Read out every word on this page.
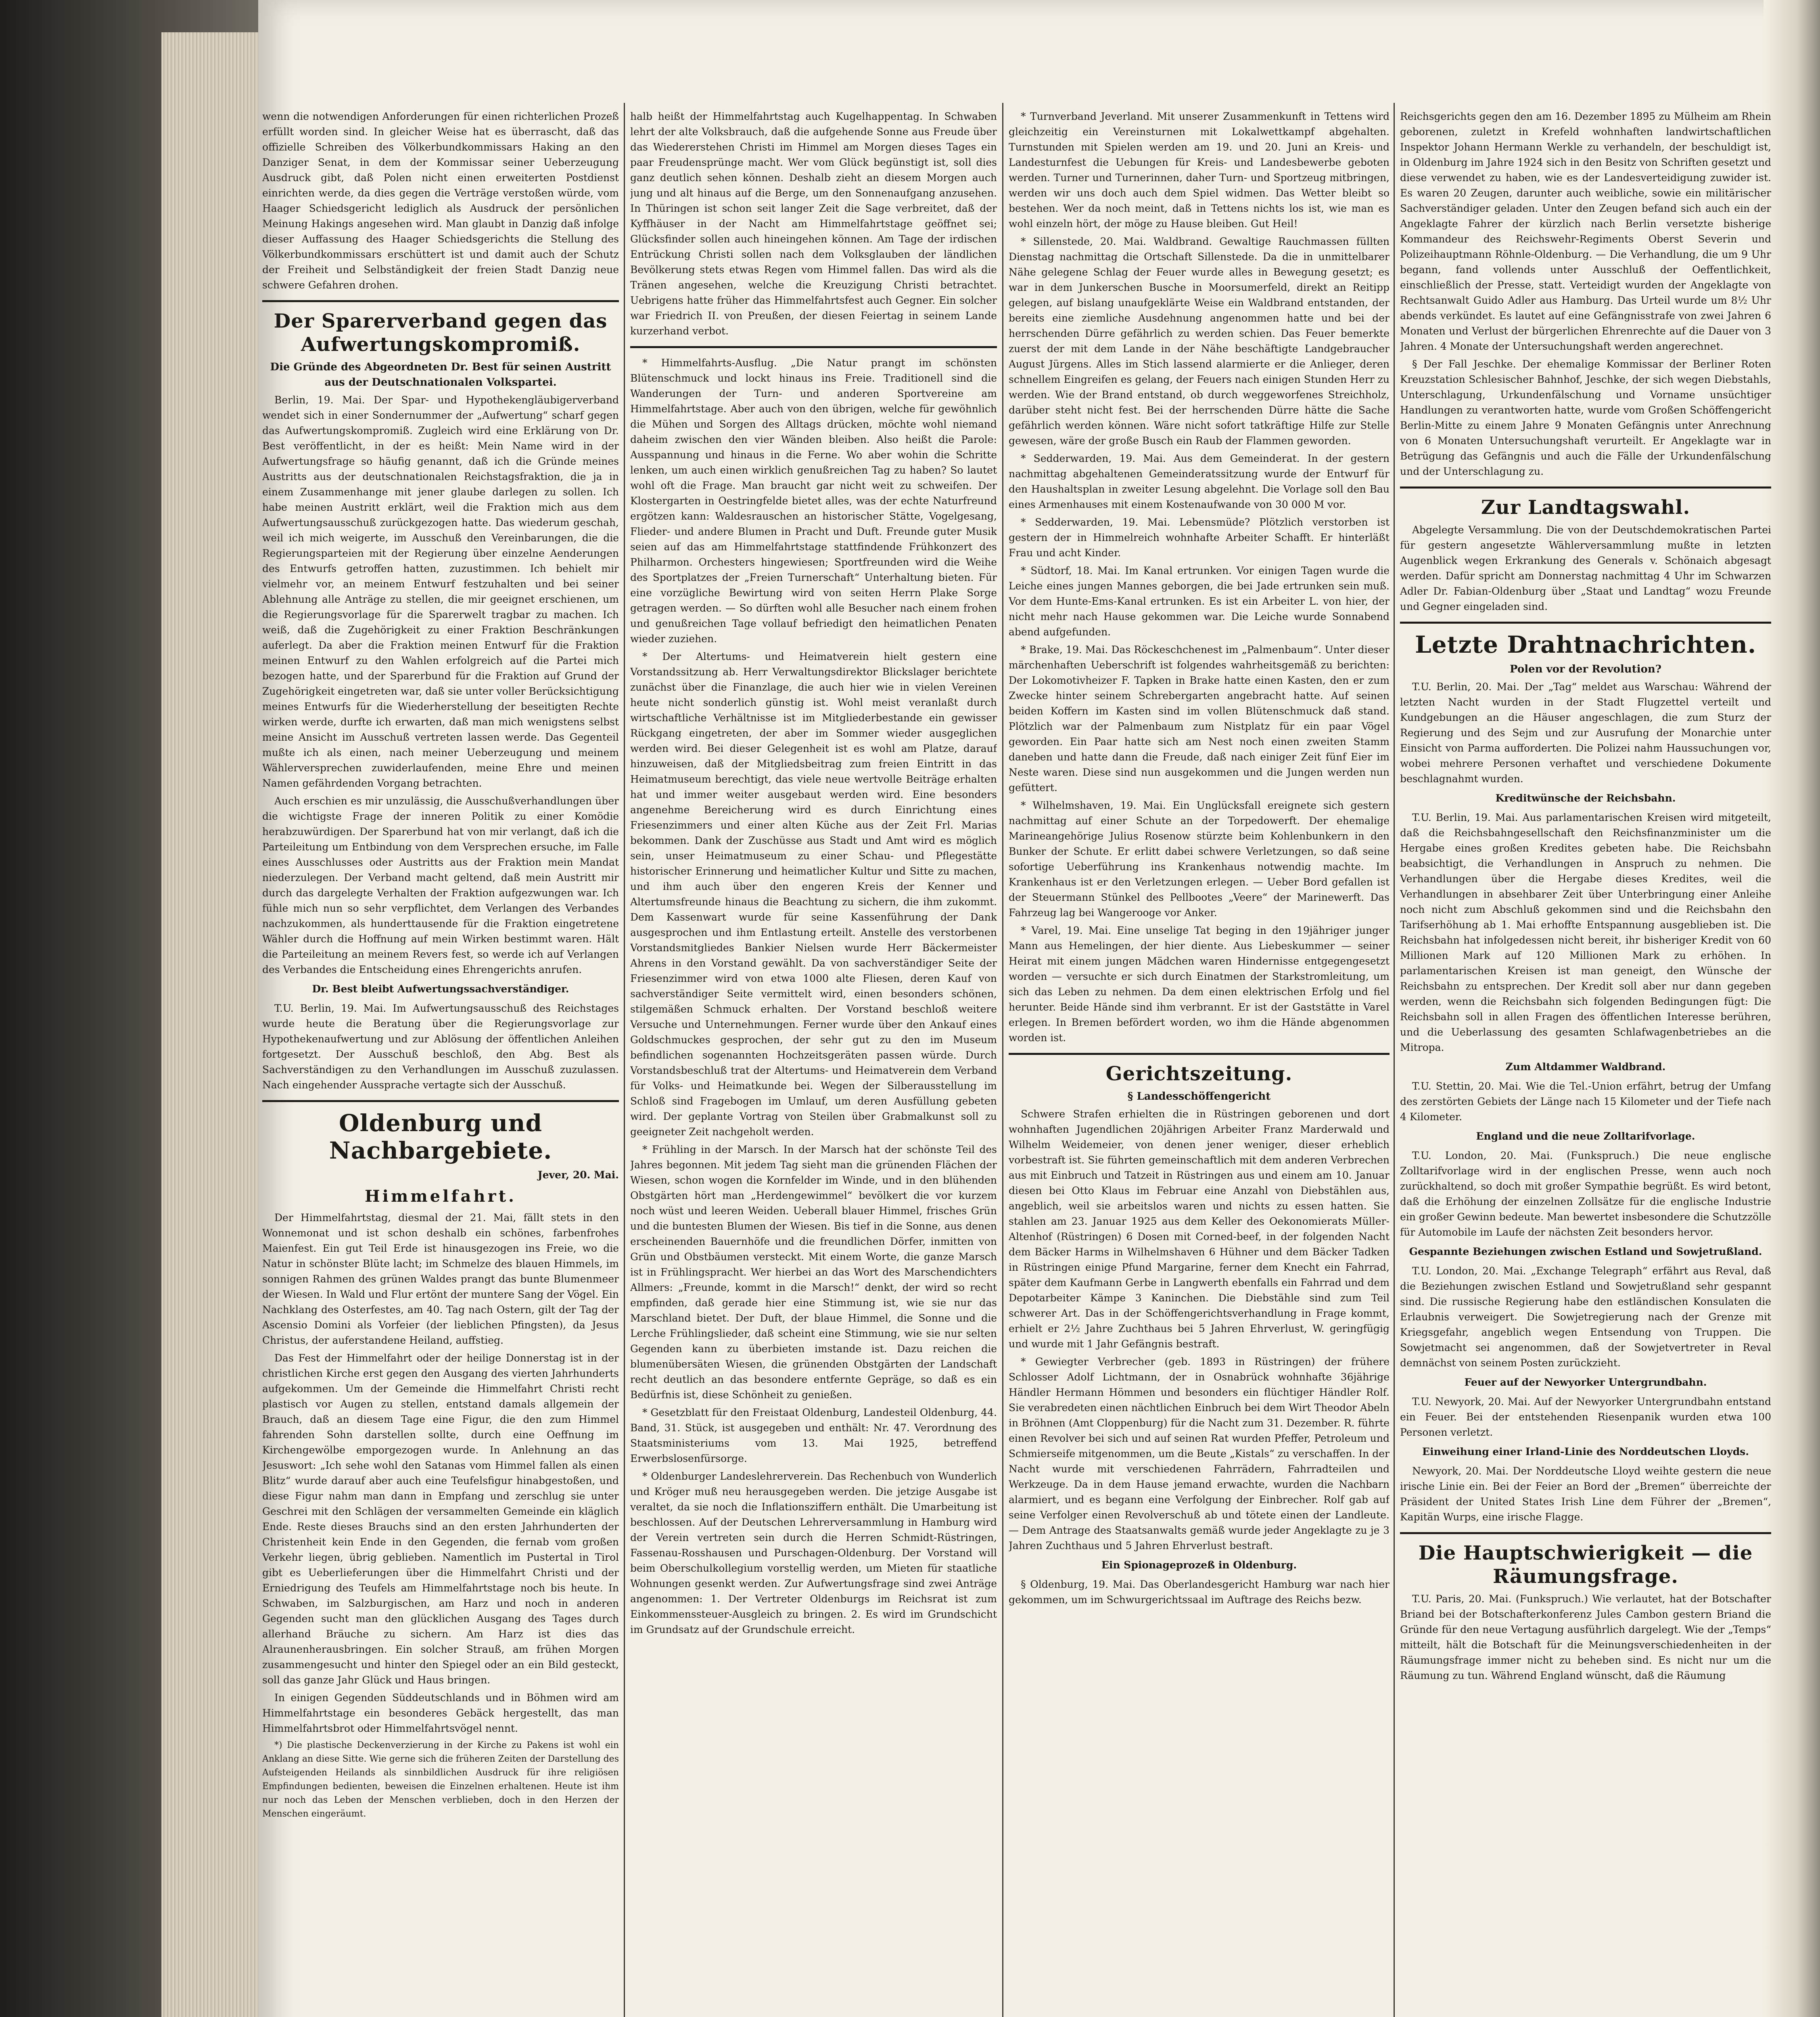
wenn die notwendigen Anforderungen für einen richterlichen Prozeß erfüllt worden sind. In gleicher Weise hat es überrascht, daß das offizielle Schreiben des Völkerbundkommissars Haking an den Danziger Senat, in dem der Kommissar seiner Ueberzeugung Ausdruck gibt, daß Polen nicht einen erweiterten Postdienst einrichten werde, da dies gegen die Verträge verstoßen würde, vom Haager Schiedsgericht lediglich als Ausdruck der persönlichen Meinung Hakings angesehen wird. Man glaubt in Danzig daß infolge dieser Auffassung des Haager Schiedsgerichts die Stellung des Völkerbundkommissars erschüttert ist und damit auch der Schutz der Freiheit und Selbständigkeit der freien Stadt Danzig neue schwere Gefahren drohen.

Der Sparerverband gegen das Aufwertungskompromiß.

Die Gründe des Abgeordneten Dr. Best für seinen Austritt aus der Deutschnationalen Volkspartei.

Berlin, 19. Mai. Der Spar- und Hypothekengläubigerverband wendet sich in einer Sondernummer der „Aufwertung“ scharf gegen das Aufwertungskompromiß. Zugleich wird eine Erklärung von Dr. Best veröffentlicht, in der es heißt: Mein Name wird in der Aufwertungsfrage so häufig genannt, daß ich die Gründe meines Austritts aus der deutschnationalen Reichstagsfraktion, die ja in einem Zusammenhange mit jener glaube darlegen zu sollen. Ich habe meinen Austritt erklärt, weil die Fraktion mich aus dem Aufwertungsausschuß zurückgezogen hatte. Das wiederum geschah, weil ich mich weigerte, im Ausschuß den Vereinbarungen, die die Regierungsparteien mit der Regierung über einzelne Aenderungen des Entwurfs getroffen hatten, zuzustimmen. Ich behielt mir vielmehr vor, an meinem Entwurf festzuhalten und bei seiner Ablehnung alle Anträge zu stellen, die mir geeignet erschienen, um die Regierungsvorlage für die Sparerwelt tragbar zu machen. Ich weiß, daß die Zugehörigkeit zu einer Fraktion Beschränkungen auferlegt. Da aber die Fraktion meinen Entwurf für die Fraktion meinen Entwurf zu den Wahlen erfolgreich auf die Partei mich bezogen hatte, und der Sparerbund für die Fraktion auf Grund der Zugehörigkeit eingetreten war, daß sie unter voller Berücksichtigung meines Entwurfs für die Wiederherstellung der beseitigten Rechte wirken werde, durfte ich erwarten, daß man mich wenigstens selbst meine Ansicht im Ausschuß vertreten lassen werde. Das Gegenteil mußte ich als einen, nach meiner Ueberzeugung und meinem Wählerversprechen zuwiderlaufenden, meine Ehre und meinen Namen gefährdenden Vorgang betrachten.

Auch erschien es mir unzulässig, die Ausschußverhandlungen über die wichtigste Frage der inneren Politik zu einer Komödie herabzuwürdigen. Der Sparerbund hat von mir verlangt, daß ich die Parteileitung um Entbindung von dem Versprechen ersuche, im Falle eines Ausschlusses oder Austritts aus der Fraktion mein Mandat niederzulegen. Der Verband macht geltend, daß mein Austritt mir durch das dargelegte Verhalten der Fraktion aufgezwungen war. Ich fühle mich nun so sehr verpflichtet, dem Verlangen des Verbandes nachzukommen, als hunderttausende für die Fraktion eingetretene Wähler durch die Hoffnung auf mein Wirken bestimmt waren. Hält die Parteileitung an meinem Revers fest, so werde ich auf Verlangen des Verbandes die Entscheidung eines Ehrengerichts anrufen.

Dr. Best bleibt Aufwertungssachverständiger.

T.U. Berlin, 19. Mai. Im Aufwertungsausschuß des Reichstages wurde heute die Beratung über die Regierungsvorlage zur Hypothekenaufwertung und zur Ablösung der öffentlichen Anleihen fortgesetzt. Der Ausschuß beschloß, den Abg. Best als Sachverständigen zu den Verhandlungen im Ausschuß zuzulassen. Nach eingehender Aussprache vertagte sich der Ausschuß.

Oldenburg und Nachbargebiete.

Jever, 20. Mai.

Himmelfahrt.

Der Himmelfahrtstag, diesmal der 21. Mai, fällt stets in den Wonnemonat und ist schon deshalb ein schönes, farbenfrohes Maienfest. Ein gut Teil Erde ist hinausgezogen ins Freie, wo die Natur in schönster Blüte lacht; im Schmelze des blauen Himmels, im sonnigen Rahmen des grünen Waldes prangt das bunte Blumenmeer der Wiesen. In Wald und Flur ertönt der muntere Sang der Vögel. Ein Nachklang des Osterfestes, am 40. Tag nach Ostern, gilt der Tag der Ascensio Domini als Vorfeier (der lieblichen Pfingsten), da Jesus Christus, der auferstandene Heiland, auffstieg.

Das Fest der Himmelfahrt oder der heilige Donnerstag ist in der christlichen Kirche erst gegen den Ausgang des vierten Jahrhunderts aufgekommen. Um der Gemeinde die Himmelfahrt Christi recht plastisch vor Augen zu stellen, entstand damals allgemein der Brauch, daß an diesem Tage eine Figur, die den zum Himmel fahrenden Sohn darstellen sollte, durch eine Oeffnung im Kirchengewölbe emporgezogen wurde. In Anlehnung an das Jesuswort: „Ich sehe wohl den Satanas vom Himmel fallen als einen Blitz“ wurde darauf aber auch eine Teufelsfigur hinabgestoßen, und diese Figur nahm man dann in Empfang und zerschlug sie unter Geschrei mit den Schlägen der versammelten Gemeinde ein kläglich Ende. Reste dieses Brauchs sind an den ersten Jahrhunderten der Christenheit kein Ende in den Gegenden, die fernab vom großen Verkehr liegen, übrig geblieben. Namentlich im Pustertal in Tirol gibt es Ueberlieferungen über die Himmelfahrt Christi und der Erniedrigung des Teufels am Himmelfahrtstage noch bis heute. In Schwaben, im Salzburgischen, am Harz und noch in anderen Gegenden sucht man den glücklichen Ausgang des Tages durch allerhand Bräuche zu sichern. Am Harz ist dies das Alraunenherausbringen. Ein solcher Strauß, am frühen Morgen zusammengesucht und hinter den Spiegel oder an ein Bild gesteckt, soll das ganze Jahr Glück und Haus bringen.

In einigen Gegenden Süddeutschlands und in Böhmen wird am Himmelfahrtstage ein besonderes Gebäck hergestellt, das man Himmelfahrtsbrot oder Himmelfahrtsvögel nennt.

*) Die plastische Deckenverzierung in der Kirche zu Pakens ist wohl ein Anklang an diese Sitte. Wie gerne sich die früheren Zeiten der Darstellung des Aufsteigenden Heilands als sinnbildlichen Ausdruck für ihre religiösen Empfindungen bedienten, beweisen die Einzelnen erhaltenen. Heute ist ihm nur noch das Leben der Menschen verblieben, doch in den Herzen der Menschen eingeräumt.

halb heißt der Himmelfahrtstag auch Kugelhappentag. In Schwaben lehrt der alte Volksbrauch, daß die aufgehende Sonne aus Freude über das Wiedererstehen Christi im Himmel am Morgen dieses Tages ein paar Freudensprünge macht. Wer vom Glück begünstigt ist, soll dies ganz deutlich sehen können. Deshalb zieht an diesem Morgen auch jung und alt hinaus auf die Berge, um den Sonnenaufgang anzusehen. In Thüringen ist schon seit langer Zeit die Sage verbreitet, daß der Kyffhäuser in der Nacht am Himmelfahrtstage geöffnet sei; Glücksfinder sollen auch hineingehen können. Am Tage der irdischen Entrückung Christi sollen nach dem Volksglauben der ländlichen Bevölkerung stets etwas Regen vom Himmel fallen. Das wird als die Tränen angesehen, welche die Kreuzigung Christi betrachtet. Uebrigens hatte früher das Himmelfahrtsfest auch Gegner. Ein solcher war Friedrich II. von Preußen, der diesen Feiertag in seinem Lande kurzerhand verbot.

* Himmelfahrts-Ausflug. „Die Natur prangt im schönsten Blütenschmuck und lockt hinaus ins Freie. Traditionell sind die Wanderungen der Turn- und anderen Sportvereine am Himmelfahrtstage. Aber auch von den übrigen, welche für gewöhnlich die Mühen und Sorgen des Alltags drücken, möchte wohl niemand daheim zwischen den vier Wänden bleiben. Also heißt die Parole: Ausspannung und hinaus in die Ferne. Wo aber wohin die Schritte lenken, um auch einen wirklich genußreichen Tag zu haben? So lautet wohl oft die Frage. Man braucht gar nicht weit zu schweifen. Der Klostergarten in Oestringfelde bietet alles, was der echte Naturfreund ergötzen kann: Waldesrauschen an historischer Stätte, Vogelgesang, Flieder- und andere Blumen in Pracht und Duft. Freunde guter Musik seien auf das am Himmelfahrtstage stattfindende Frühkonzert des Philharmon. Orchesters hingewiesen; Sportfreunden wird die Weihe des Sportplatzes der „Freien Turnerschaft“ Unterhaltung bieten. Für eine vorzügliche Bewirtung wird von seiten Herrn Plake Sorge getragen werden. — So dürften wohl alle Besucher nach einem frohen und genußreichen Tage vollauf befriedigt den heimatlichen Penaten wieder zuziehen.

* Der Altertums- und Heimatverein hielt gestern eine Vorstandssitzung ab. Herr Verwaltungsdirektor Blickslager berichtete zunächst über die Finanzlage, die auch hier wie in vielen Vereinen heute nicht sonderlich günstig ist. Wohl meist veranlaßt durch wirtschaftliche Verhältnisse ist im Mitgliederbestande ein gewisser Rückgang eingetreten, der aber im Sommer wieder ausgeglichen werden wird. Bei dieser Gelegenheit ist es wohl am Platze, darauf hinzuweisen, daß der Mitgliedsbeitrag zum freien Eintritt in das Heimatmuseum berechtigt, das viele neue wertvolle Beiträge erhalten hat und immer weiter ausgebaut werden wird. Eine besonders angenehme Bereicherung wird es durch Einrichtung eines Friesenzimmers und einer alten Küche aus der Zeit Frl. Marias bekommen. Dank der Zuschüsse aus Stadt und Amt wird es möglich sein, unser Heimatmuseum zu einer Schau- und Pflegestätte historischer Erinnerung und heimatlicher Kultur und Sitte zu machen, und ihm auch über den engeren Kreis der Kenner und Altertumsfreunde hinaus die Beachtung zu sichern, die ihm zukommt. Dem Kassenwart wurde für seine Kassenführung der Dank ausgesprochen und ihm Entlastung erteilt. Anstelle des verstorbenen Vorstandsmitgliedes Bankier Nielsen wurde Herr Bäckermeister Ahrens in den Vorstand gewählt. Da von sachverständiger Seite der Friesenzimmer wird von etwa 1000 alte Fliesen, deren Kauf von sachverständiger Seite vermittelt wird, einen besonders schönen, stilgemäßen Schmuck erhalten. Der Vorstand beschloß weitere Versuche und Unternehmungen. Ferner wurde über den Ankauf eines Goldschmuckes gesprochen, der sehr gut zu den im Museum befindlichen sogenannten Hochzeitsgeräten passen würde. Durch Vorstandsbeschluß trat der Altertums- und Heimatverein dem Verband für Volks- und Heimatkunde bei. Wegen der Silberausstellung im Schloß sind Fragebogen im Umlauf, um deren Ausfüllung gebeten wird. Der geplante Vortrag von Steilen über Grabmalkunst soll zu geeigneter Zeit nachgeholt werden.

* Frühling in der Marsch. In der Marsch hat der schönste Teil des Jahres begonnen. Mit jedem Tag sieht man die grünenden Flächen der Wiesen, schon wogen die Kornfelder im Winde, und in den blühenden Obstgärten hört man „Herdengewimmel“ bevölkert die vor kurzem noch wüst und leeren Weiden. Ueberall blauer Himmel, frisches Grün und die buntesten Blumen der Wiesen. Bis tief in die Sonne, aus denen erscheinenden Bauernhöfe und die freundlichen Dörfer, inmitten von Grün und Obstbäumen versteckt. Mit einem Worte, die ganze Marsch ist in Frühlingspracht. Wer hierbei an das Wort des Marschendichters Allmers: „Freunde, kommt in die Marsch!“ denkt, der wird so recht empfinden, daß gerade hier eine Stimmung ist, wie sie nur das Marschland bietet. Der Duft, der blaue Himmel, die Sonne und die Lerche Frühlingslieder, daß scheint eine Stimmung, wie sie nur selten Gegenden kann zu überbieten imstande ist. Dazu reichen die blumenübersäten Wiesen, die grünenden Obstgärten der Landschaft recht deutlich an das besondere entfernte Gepräge, so daß es ein Bedürfnis ist, diese Schönheit zu genießen.

* Gesetzblatt für den Freistaat Oldenburg, Landesteil Oldenburg, 44. Band, 31. Stück, ist ausgegeben und enthält: Nr. 47. Verordnung des Staatsministeriums vom 13. Mai 1925, betreffend Erwerbslosenfürsorge.

* Oldenburger Landeslehrerverein. Das Rechenbuch von Wunderlich und Kröger muß neu herausgegeben werden. Die jetzige Ausgabe ist veraltet, da sie noch die Inflationsziffern enthält. Die Umarbeitung ist beschlossen. Auf der Deutschen Lehrerversammlung in Hamburg wird der Verein vertreten sein durch die Herren Schmidt-Rüstringen, Fassenau-Rosshausen und Purschagen-Oldenburg. Der Vorstand will beim Oberschulkollegium vorstellig werden, um Mieten für staatliche Wohnungen gesenkt werden. Zur Aufwertungsfrage sind zwei Anträge angenommen: 1. Der Vertreter Oldenburgs im Reichsrat ist zum Einkommenssteuer-Ausgleich zu bringen. 2. Es wird im Grundschicht im Grundsatz auf der Grundschule erreicht.

* Turnverband Jeverland. Mit unserer Zusammenkunft in Tettens wird gleichzeitig ein Vereinsturnen mit Lokalwettkampf abgehalten. Turnstunden mit Spielen werden am 19. und 20. Juni an Kreis- und Landesturnfest die Uebungen für Kreis- und Landesbewerbe geboten werden. Turner und Turnerinnen, daher Turn- und Sportzeug mitbringen, werden wir uns doch auch dem Spiel widmen. Das Wetter bleibt so bestehen. Wer da noch meint, daß in Tettens nichts los ist, wie man es wohl einzeln hört, der möge zu Hause bleiben. Gut Heil!

* Sillenstede, 20. Mai. Waldbrand. Gewaltige Rauchmassen füllten Dienstag nachmittag die Ortschaft Sillenstede. Da die in unmittelbarer Nähe gelegene Schlag der Feuer wurde alles in Bewegung gesetzt; es war in dem Junkerschen Busche in Moorsumerfeld, direkt an Reitipp gelegen, auf bislang unaufgeklärte Weise ein Waldbrand entstanden, der bereits eine ziemliche Ausdehnung angenommen hatte und bei der herrschenden Dürre gefährlich zu werden schien. Das Feuer bemerkte zuerst der mit dem Lande in der Nähe beschäftigte Landgebraucher August Jürgens. Alles im Stich lassend alarmierte er die Anlieger, deren schnellem Eingreifen es gelang, der Feuers nach einigen Stunden Herr zu werden. Wie der Brand entstand, ob durch weggeworfenes Streichholz, darüber steht nicht fest. Bei der herrschenden Dürre hätte die Sache gefährlich werden können. Wäre nicht sofort tatkräftige Hilfe zur Stelle gewesen, wäre der große Busch ein Raub der Flammen geworden.

* Sedderwarden, 19. Mai. Aus dem Gemeinderat. In der gestern nachmittag abgehaltenen Gemeinderatssitzung wurde der Entwurf für den Haushaltsplan in zweiter Lesung abgelehnt. Die Vorlage soll den Bau eines Armenhauses mit einem Kostenaufwande von 30 000 M vor.

* Sedderwarden, 19. Mai. Lebensmüde? Plötzlich verstorben ist gestern der in Himmelreich wohnhafte Arbeiter Schafft. Er hinterläßt Frau und acht Kinder.

* Südtorf, 18. Mai. Im Kanal ertrunken. Vor einigen Tagen wurde die Leiche eines jungen Mannes geborgen, die bei Jade ertrunken sein muß. Vor dem Hunte-Ems-Kanal ertrunken. Es ist ein Arbeiter L. von hier, der nicht mehr nach Hause gekommen war. Die Leiche wurde Sonnabend abend aufgefunden.

* Brake, 19. Mai. Das Röckeschchenest im „Palmenbaum“. Unter dieser märchenhaften Ueberschrift ist folgendes wahrheitsgemäß zu berichten: Der Lokomotivheizer F. Tapken in Brake hatte einen Kasten, den er zum Zwecke hinter seinem Schrebergarten angebracht hatte. Auf seinen beiden Koffern im Kasten sind im vollen Blütenschmuck daß stand. Plötzlich war der Palmenbaum zum Nistplatz für ein paar Vögel geworden. Ein Paar hatte sich am Nest noch einen zweiten Stamm daneben und hatte dann die Freude, daß nach einiger Zeit fünf Eier im Neste waren. Diese sind nun ausgekommen und die Jungen werden nun gefüttert.

* Wilhelmshaven, 19. Mai. Ein Unglücksfall ereignete sich gestern nachmittag auf einer Schute an der Torpedowerft. Der ehemalige Marineangehörige Julius Rosenow stürzte beim Kohlenbunkern in den Bunker der Schute. Er erlitt dabei schwere Verletzungen, so daß seine sofortige Ueberführung ins Krankenhaus notwendig machte. Im Krankenhaus ist er den Verletzungen erlegen. — Ueber Bord gefallen ist der Steuermann Stünkel des Pellbootes „Veere“ der Marinewerft. Das Fahrzeug lag bei Wangerooge vor Anker.

* Varel, 19. Mai. Eine unselige Tat beging in den 19jähriger junger Mann aus Hemelingen, der hier diente. Aus Liebeskummer — seiner Heirat mit einem jungen Mädchen waren Hindernisse entgegengesetzt worden — versuchte er sich durch Einatmen der Starkstromleitung, um sich das Leben zu nehmen. Da dem einen elektrischen Erfolg und fiel herunter. Beide Hände sind ihm verbrannt. Er ist der Gaststätte in Varel erlegen. In Bremen befördert worden, wo ihm die Hände abgenommen worden ist.

Gerichtszeitung.

§ Landesschöffengericht

Schwere Strafen erhielten die in Rüstringen geborenen und dort wohnhaften Jugendlichen 20jährigen Arbeiter Franz Marderwald und Wilhelm Weidemeier, von denen jener weniger, dieser erheblich vorbestraft ist. Sie führten gemeinschaftlich mit dem anderen Verbrechen aus mit Einbruch und Tatzeit in Rüstringen aus und einem am 10. Januar diesen bei Otto Klaus im Februar eine Anzahl von Diebstählen aus, angeblich, weil sie arbeitslos waren und nichts zu essen hatten. Sie stahlen am 23. Januar 1925 aus dem Keller des Oekonomierats Müller-Altenhof (Rüstringen) 6 Dosen mit Corned-beef, in der folgenden Nacht dem Bäcker Harms in Wilhelmshaven 6 Hühner und dem Bäcker Tadken in Rüstringen einige Pfund Margarine, ferner dem Knecht ein Fahrrad, später dem Kaufmann Gerbe in Langwerth ebenfalls ein Fahrrad und dem Depotarbeiter Kämpe 3 Kaninchen. Die Diebstähle sind zum Teil schwerer Art. Das in der Schöffengerichtsverhandlung in Frage kommt, erhielt er 2½ Jahre Zuchthaus bei 5 Jahren Ehrverlust, W. geringfügig und wurde mit 1 Jahr Gefängnis bestraft.

* Gewiegter Verbrecher (geb. 1893 in Rüstringen) der frühere Schlosser Adolf Lichtmann, der in Osnabrück wohnhafte 36jährige Händler Hermann Hömmen und besonders ein flüchtiger Händler Rolf. Sie verabredeten einen nächtlichen Einbruch bei dem Wirt Theodor Abeln in Bröhnen (Amt Cloppenburg) für die Nacht zum 31. Dezember. R. führte einen Revolver bei sich und auf seinen Rat wurden Pfeffer, Petroleum und Schmierseife mitgenommen, um die Beute „Kistals“ zu verschaffen. In der Nacht wurde mit verschiedenen Fahrrädern, Fahrradteilen und Werkzeuge. Da in dem Hause jemand erwachte, wurden die Nachbarn alarmiert, und es begann eine Verfolgung der Einbrecher. Rolf gab auf seine Verfolger einen Revolverschuß ab und tötete einen der Landleute. — Dem Antrage des Staatsanwalts gemäß wurde jeder Angeklagte zu je 3 Jahren Zuchthaus und 5 Jahren Ehrverlust bestraft.

Ein Spionageprozeß in Oldenburg.

§ Oldenburg, 19. Mai. Das Oberlandesgericht Hamburg war nach hier gekommen, um im Schwurgerichtssaal im Auftrage des Reichs bezw.

Reichsgerichts gegen den am 16. Dezember 1895 zu Mülheim am Rhein geborenen, zuletzt in Krefeld wohnhaften landwirtschaftlichen Inspektor Johann Hermann Werkle zu verhandeln, der beschuldigt ist, in Oldenburg im Jahre 1924 sich in den Besitz von Schriften gesetzt und diese verwendet zu haben, wie es der Landesverteidigung zuwider ist. Es waren 20 Zeugen, darunter auch weibliche, sowie ein militärischer Sachverständiger geladen. Unter den Zeugen befand sich auch ein der Angeklagte Fahrer der kürzlich nach Berlin versetzte bisherige Kommandeur des Reichswehr-Regiments Oberst Severin und Polizeihauptmann Röhnle-Oldenburg. — Die Verhandlung, die um 9 Uhr begann, fand vollends unter Ausschluß der Oeffentlichkeit, einschließlich der Presse, statt. Verteidigt wurden der Angeklagte von Rechtsanwalt Guido Adler aus Hamburg. Das Urteil wurde um 8½ Uhr abends verkündet. Es lautet auf eine Gefängnisstrafe von zwei Jahren 6 Monaten und Verlust der bürgerlichen Ehrenrechte auf die Dauer von 3 Jahren. 4 Monate der Untersuchungshaft werden angerechnet.

§ Der Fall Jeschke. Der ehemalige Kommissar der Berliner Roten Kreuzstation Schlesischer Bahnhof, Jeschke, der sich wegen Diebstahls, Unterschlagung, Urkundenfälschung und Vorname unsüchtiger Handlungen zu verantworten hatte, wurde vom Großen Schöffengericht Berlin-Mitte zu einem Jahre 9 Monaten Gefängnis unter Anrechnung von 6 Monaten Untersuchungshaft verurteilt. Er Angeklagte war in Betrügung das Gefängnis und auch die Fälle der Urkundenfälschung und der Unterschlagung zu.

Zur Landtagswahl.

Abgelegte Versammlung. Die von der Deutschdemokratischen Partei für gestern angesetzte Wählerversammlung mußte in letzten Augenblick wegen Erkrankung des Generals v. Schönaich abgesagt werden. Dafür spricht am Donnerstag nachmittag 4 Uhr im Schwarzen Adler Dr. Fabian-Oldenburg über „Staat und Landtag“ wozu Freunde und Gegner eingeladen sind.

Letzte Drahtnachrichten.

Polen vor der Revolution?

T.U. Berlin, 20. Mai. Der „Tag“ meldet aus Warschau: Während der letzten Nacht wurden in der Stadt Flugzettel verteilt und Kundgebungen an die Häuser angeschlagen, die zum Sturz der Regierung und des Sejm und zur Ausrufung der Monarchie unter Einsicht von Parma aufforderten. Die Polizei nahm Haussuchungen vor, wobei mehrere Personen verhaftet und verschiedene Dokumente beschlagnahmt wurden.

Kreditwünsche der Reichsbahn.

T.U. Berlin, 19. Mai. Aus parlamentarischen Kreisen wird mitgeteilt, daß die Reichsbahngesellschaft den Reichsfinanzminister um die Hergabe eines großen Kredites gebeten habe. Die Reichsbahn beabsichtigt, die Verhandlungen in Anspruch zu nehmen. Die Verhandlungen über die Hergabe dieses Kredites, weil die Verhandlungen in absehbarer Zeit über Unterbringung einer Anleihe noch nicht zum Abschluß gekommen sind und die Reichsbahn den Tarifserhöhung ab 1. Mai erhoffte Entspannung ausgeblieben ist. Die Reichsbahn hat infolgedessen nicht bereit, ihr bisheriger Kredit von 60 Millionen Mark auf 120 Millionen Mark zu erhöhen. In parlamentarischen Kreisen ist man geneigt, den Wünsche der Reichsbahn zu entsprechen. Der Kredit soll aber nur dann gegeben werden, wenn die Reichsbahn sich folgenden Bedingungen fügt: Die Reichsbahn soll in allen Fragen des öffentlichen Interesse berühren, und die Ueberlassung des gesamten Schlafwagenbetriebes an die Mitropa.

Zum Altdammer Waldbrand.

T.U. Stettin, 20. Mai. Wie die Tel.-Union erfährt, betrug der Umfang des zerstörten Gebiets der Länge nach 15 Kilometer und der Tiefe nach 4 Kilometer.

England und die neue Zolltarifvorlage.

T.U. London, 20. Mai. (Funkspruch.) Die neue englische Zolltarifvorlage wird in der englischen Presse, wenn auch noch zurückhaltend, so doch mit großer Sympathie begrüßt. Es wird betont, daß die Erhöhung der einzelnen Zollsätze für die englische Industrie ein großer Gewinn bedeute. Man bewertet insbesondere die Schutzzölle für Automobile im Laufe der nächsten Zeit besonders hervor.

Gespannte Beziehungen zwischen Estland und Sowjetrußland.

T.U. London, 20. Mai. „Exchange Telegraph“ erfährt aus Reval, daß die Beziehungen zwischen Estland und Sowjetrußland sehr gespannt sind. Die russische Regierung habe den estländischen Konsulaten die Erlaubnis verweigert. Die Sowjetregierung nach der Grenze mit Kriegsgefahr, angeblich wegen Entsendung von Truppen. Die Sowjetmacht sei angenommen, daß der Sowjetvertreter in Reval demnächst von seinem Posten zurückzieht.

Feuer auf der Newyorker Untergrundbahn.

T.U. Newyork, 20. Mai. Auf der Newyorker Untergrundbahn entstand ein Feuer. Bei der entstehenden Riesenpanik wurden etwa 100 Personen verletzt.

Einweihung einer Irland-Linie des Norddeutschen Lloyds.

Newyork, 20. Mai. Der Norddeutsche Lloyd weihte gestern die neue irische Linie ein. Bei der Feier an Bord der „Bremen“ überreichte der Präsident der United States Irish Line dem Führer der „Bremen“, Kapitän Wurps, eine irische Flagge.

Die Hauptschwierigkeit — die Räumungsfrage.

T.U. Paris, 20. Mai. (Funkspruch.) Wie verlautet, hat der Botschafter Briand bei der Botschafterkonferenz Jules Cambon gestern Briand die Gründe für den neue Vertagung ausführlich dargelegt. Wie der „Temps“ mitteilt, hält die Botschaft für die Meinungsverschiedenheiten in der Räumungsfrage immer nicht zu beheben sind. Es nicht nur um die Räumung zu tun. Während England wünscht, daß die Räumung
